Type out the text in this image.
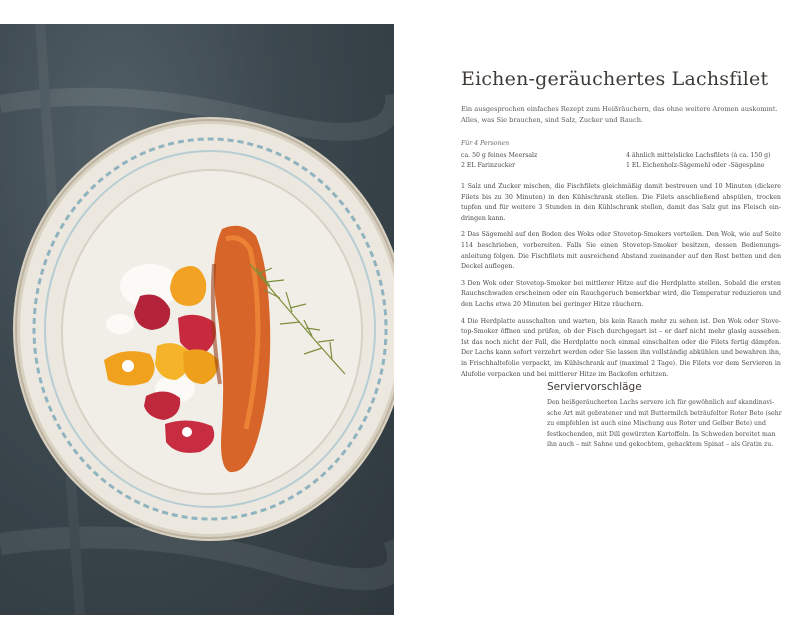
Eichen-geräuchertes Lachsfilet
Ein ausgesprochen einfaches Rezept zum Heißräuchern, das ohne weitere Aromen auskommt. Alles, was Sie brauchen, sind Salz, Zucker und Rauch.
Für 4 Personen
ca. 50 g feines Meersalz
2 EL Farinzucker
4 ähnlich mittelslicke Lachsfilets (à ca. 150 g)
1 EL Eichenholz-Sägemehl oder -Sägespäne
1 Salz und Zucker mischen, die Fischfilets gleichmäßig damit bestreuen und 10 Minuten (dickere Filets bis zu 30 Minuten) in den Kühlschrank stellen. Die Filets anschließend abspülen, trocken tupfen und für weitere 3 Stunden in den Kühlschrank stellen, damit das Salz gut ins Fleisch ein-dringen kann.
2 Das Sägemehl auf den Boden des Woks oder Stovetop-Smokers verteilen. Den Wok, wie auf Seite 114 beschrieben, vorbereiten. Falls Sie einen Stovetop-Smoker besitzen, dessen Bedienungs-anleitung folgen. Die Fischfilets mit ausreichend Abstand zueinander auf den Rost betten und den Deckel auflegen.
3 Den Wok oder Stovetop-Smoker bei mittlerer Hitze auf die Herdplatte stellen. Sobald die ersten Rauchschwaden erscheinen oder ein Rauchgeruch bemerkbar wird, die Temperatur reduzieren und den Lachs etwa 20 Minuten bei geringer Hitze räuchern.
4 Die Herdplatte ausschalten und warten, bis kein Rauch mehr zu sehen ist. Den Wok oder Stove-top-Smoker öffnen und prüfen, ob der Fisch durchgegart ist – er darf nicht mehr glasig aussehen. Ist das noch nicht der Fall, die Herdplatte noch einmal einschalten oder die Filets fertig dämpfen. Der Lachs kann sofort verzehrt werden oder Sie lassen ihn vollständig abkühlen und bewahren ihn, in Frischhaltefolie verpackt, im Kühlschrank auf (maximal 2 Tage). Die Filets vor dem Servieren in Alufolie verpacken und bei mittlerer Hitze im Backofen erhitzen.
Serviervorschläge
Den heißgeräucherten Lachs servere ich für gewöhnlich auf skandinavi-sche Art mit gebratener und mit Buttermilch beträufelter Roter Bete (sehr zu empfehlen ist auch eine Mischung aus Roter und Gelber Bete) und festkochenden, mit Dill gewürzten Kartoffeln. In Schweden bereitet man ihn auch – mit Sahne und gekochtem, gehacktem Spinat – als Gratin zu.
